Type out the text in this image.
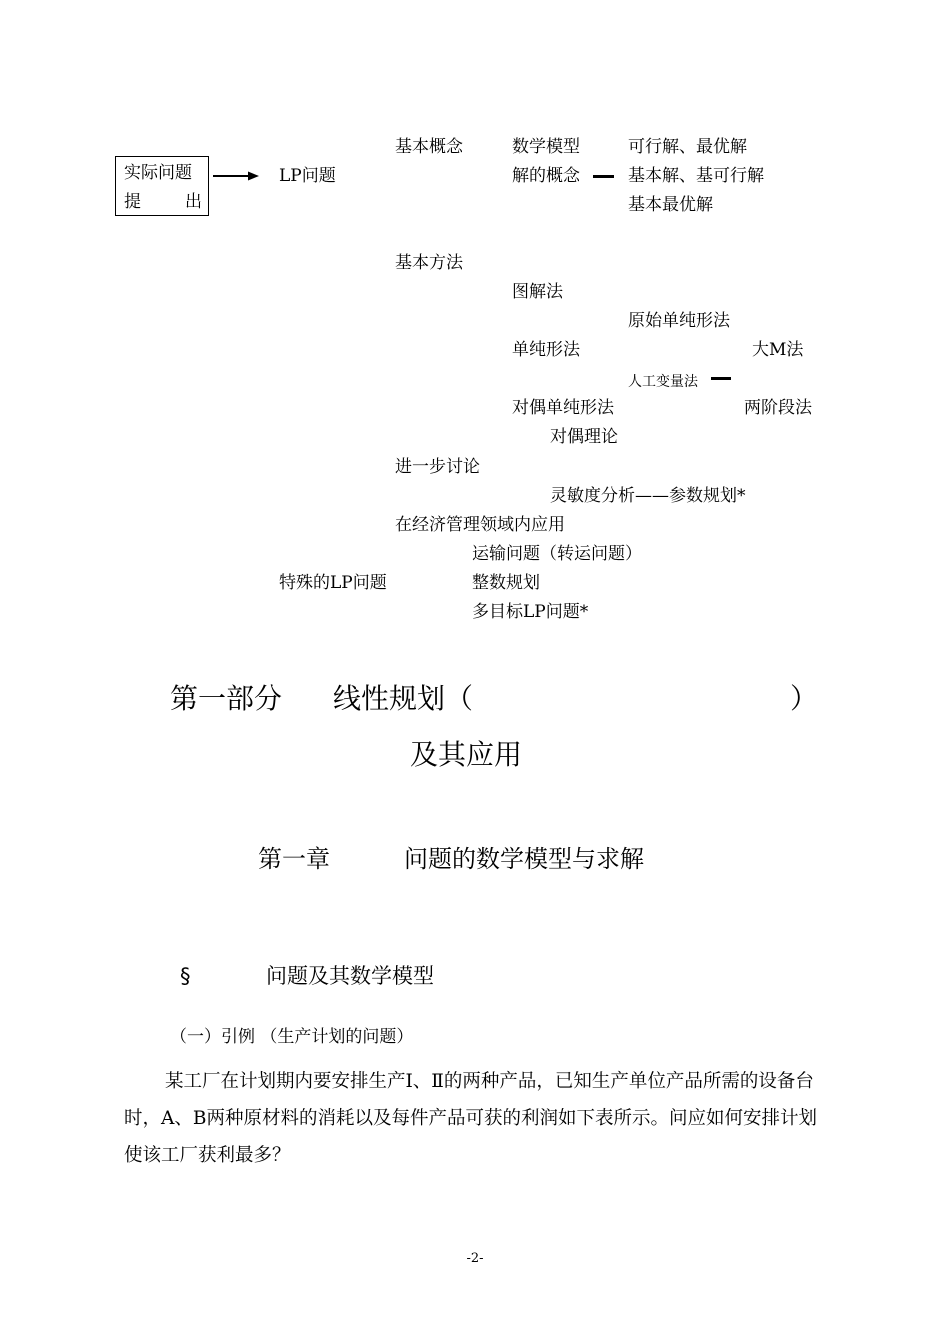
实际问题
提	出
LP问题
基本概念	数学模型	可行解、最优解
解的概念	基本解、基可行解
基本最优解
基本方法
图解法
原始单纯形法
单纯形法	大M法
人工变量法
对偶单纯形法	两阶段法
对偶理论
进一步讨论
灵敏度分析——参数规划*
在经济管理领域内应用
运输问题（转运问题）
特殊的LP问题	整数规划
多目标LP问题*
第一部分 线性规划（	）
及其应用
第一章	问题的数学模型与求解
§	问题及其数学模型
（一）引例 （生产计划的问题）

某工厂在计划期内要安排生产Ⅰ、Ⅱ的两种产品，已知生产单位产品所需的设备台时，A、B两种原材料的消耗以及每件产品可获的利润如下表所示。问应如何安排计划使该工厂获利最多？

-2-
